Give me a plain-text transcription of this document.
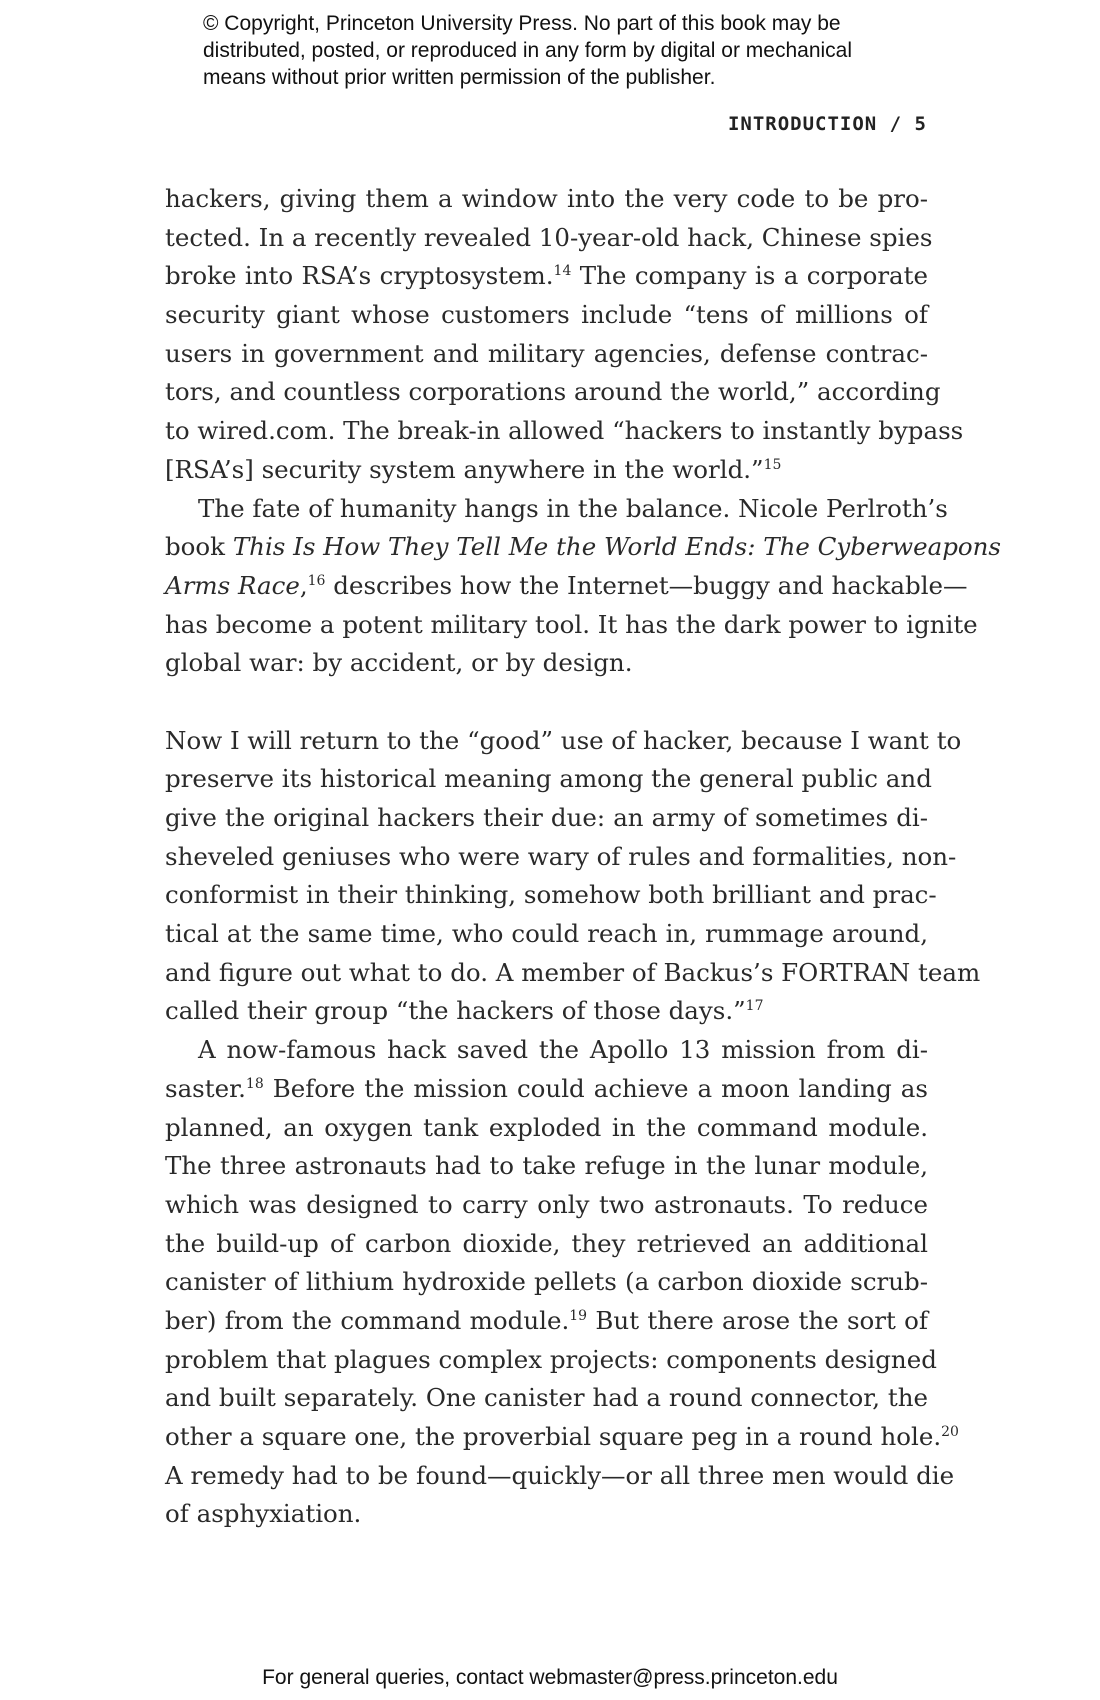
© Copyright, Princeton University Press. No part of this book may be
distributed, posted, or reproduced in any form by digital or mechanical
means without prior written permission of the publisher.
INTRODUCTION / 5
hackers, giving them a window into the very code to be pro-
tected. In a recently revealed 10-year-old hack, Chinese spies
broke into RSA’s cryptosystem.$^{14}$ The company is a corporate
security giant whose customers include “tens of millions of
users in government and military agencies, defense contrac-
tors, and countless corporations around the world,” according
to wired.com. The break-in allowed “hackers to instantly bypass
[RSA’s] security system anywhere in the world.”$^{15}$
The fate of humanity hangs in the balance. Nicole Perlroth’s
book This Is How They Tell Me the World Ends: The Cyberweapons
Arms Race,$^{16}$ describes how the Internet—buggy and hackable—
has become a potent military tool. It has the dark power to ignite
global war: by accident, or by design.
Now I will return to the “good” use of hacker, because I want to
preserve its historical meaning among the general public and
give the original hackers their due: an army of sometimes di-
sheveled geniuses who were wary of rules and formalities, non-
conformist in their thinking, somehow both brilliant and prac-
tical at the same time, who could reach in, rummage around,
and figure out what to do. A member of Backus’s FORTRAN team
called their group “the hackers of those days.”$^{17}$
A now-famous hack saved the Apollo 13 mission from di-
saster.$^{18}$ Before the mission could achieve a moon landing as
planned, an oxygen tank exploded in the command module.
The three astronauts had to take refuge in the lunar module,
which was designed to carry only two astronauts. To reduce
the build-up of carbon dioxide, they retrieved an additional
canister of lithium hydroxide pellets (a carbon dioxide scrub-
ber) from the command module.$^{19}$ But there arose the sort of
problem that plagues complex projects: components designed
and built separately. One canister had a round connector, the
other a square one, the proverbial square peg in a round hole.$^{20}$
A remedy had to be found—quickly—or all three men would die
of asphyxiation.
For general queries, contact webmaster@press.princeton.edu
